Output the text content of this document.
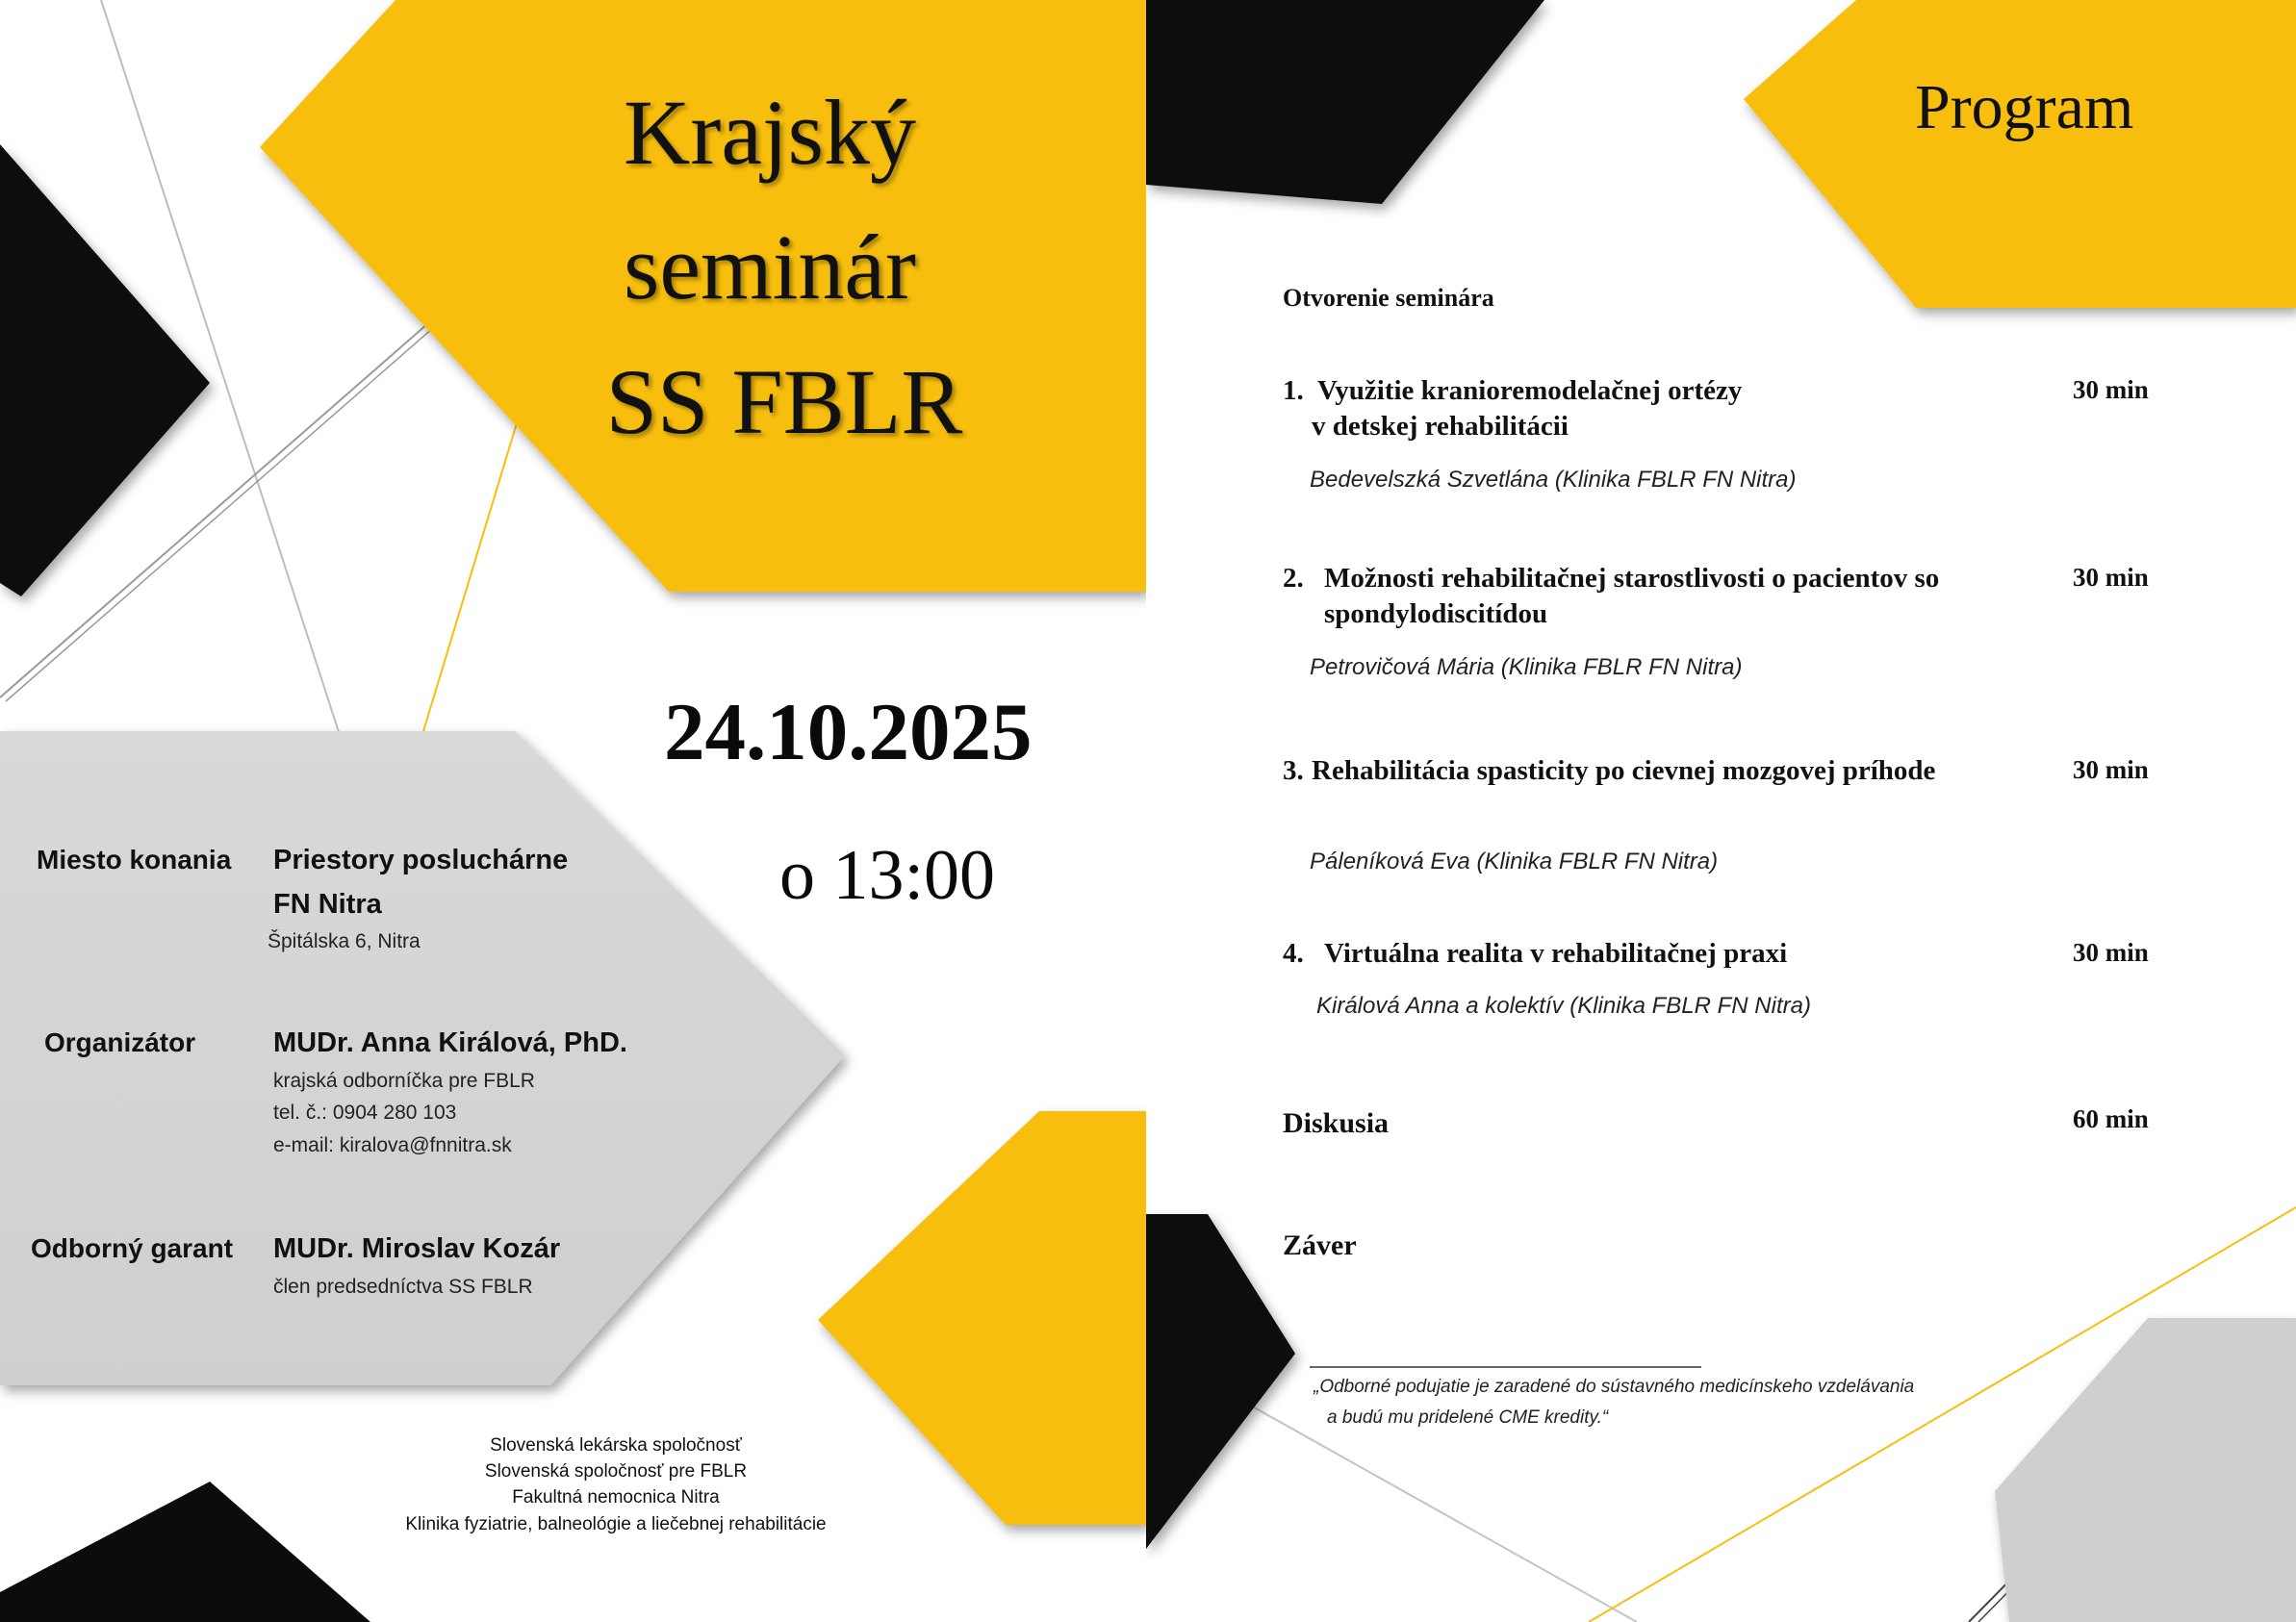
Krajský
seminár
SS FBLR
24.10.2025
o 13:00
Miesto konania Priestory posluchárne
FN Nitra
Špitálska 6, Nitra
Organizátor	MUDr. Anna Királová, PhD.
krajská odborníčka pre FBLR
tel. č.: 0904 280 103
e-mail: kiralova@fnnitra.sk
Odborný garant MUDr. Miroslav Kozár
člen predsedníctva SS FBLR
Slovenská lekárska spoločnosť
Slovenská spoločnosť pre FBLR
Fakultná nemocnica Nitra
Klinika fyziatrie, balneológie a liečebnej rehabilitácie
Program
Otvorenie seminára
1. Využitie kranioremodelačnej ortézy
v detskej rehabilitácii
Bedevelszká Szvetlána (Klinika FBLR FN Nitra)
30 min
2. Možnosti rehabilitačnej starostlivosti o pacientov so
spondylodiscitídou
Petrovičová Mária (Klinika FBLR FN Nitra)
30 min
3. Rehabilitácia spasticity po cievnej mozgovej príhode
Páleníková Eva (Klinika FBLR FN Nitra)
30 min
4. Virtuálna realita v rehabilitačnej praxi
Királová Anna a kolektív (Klinika FBLR FN Nitra)
30 min
Diskusia	60 min
Záver
„Odborné podujatie je zaradené do sústavného medicínskeho vzdelávania
a budú mu pridelené CME kredity.“
